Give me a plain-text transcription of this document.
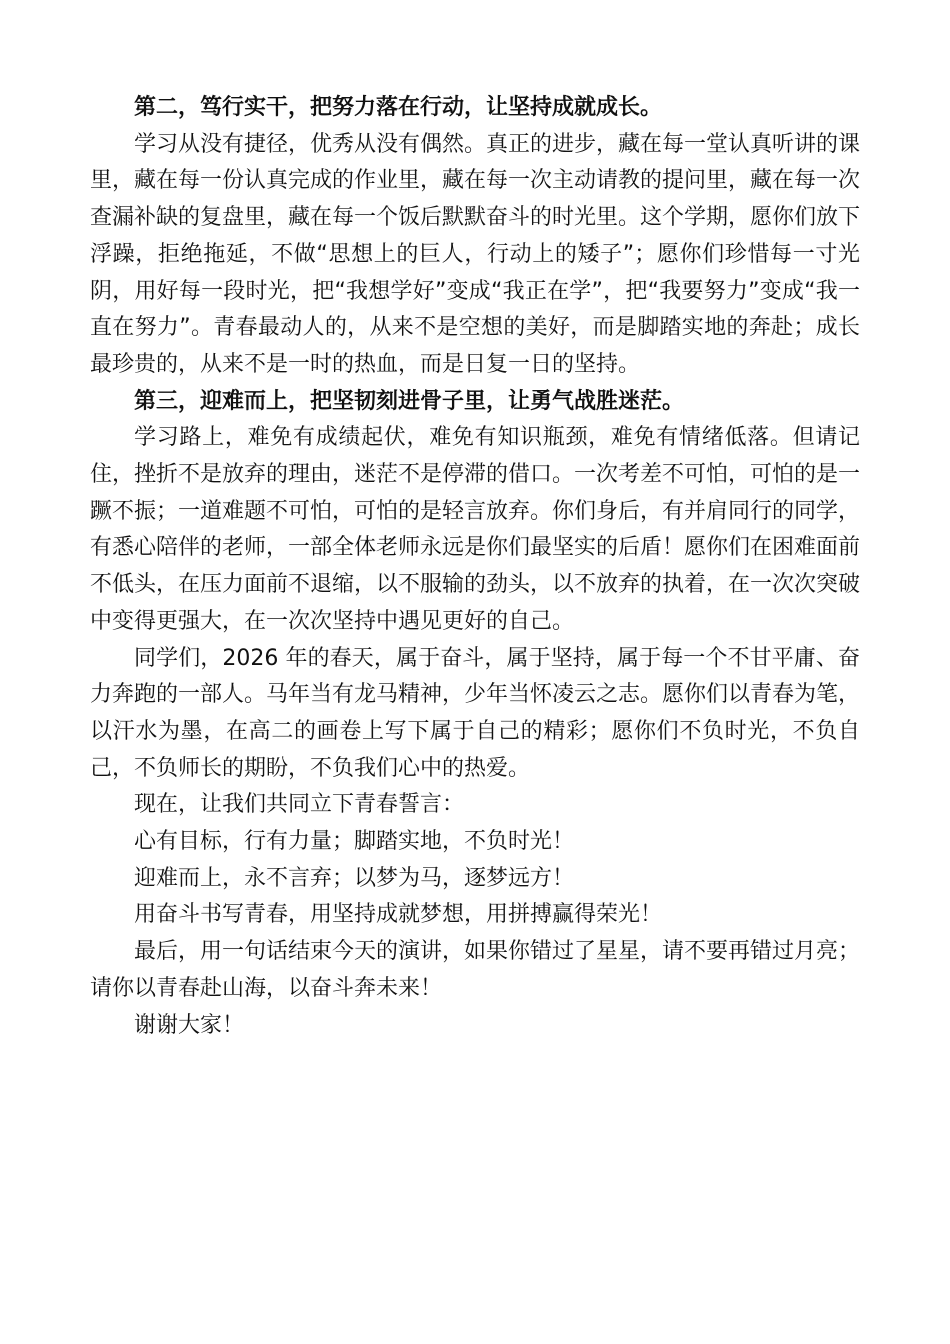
第二，笃行实干，把努力落在行动，让坚持成就成长。

学习从没有捷径，优秀从没有偶然。真正的进步，藏在每一堂认真听讲的课里，藏在每一份认真完成的作业里，藏在每一次主动请教的提问里，藏在每一次查漏补缺的复盘里，藏在每一个饭后默默奋斗的时光里。这个学期，愿你们放下浮躁，拒绝拖延，不做“思想上的巨人，行动上的矮子”；愿你们珍惜每一寸光阴，用好每一段时光，把“我想学好”变成“我正在学”，把“我要努力”变成“我一直在努力”。青春最动人的，从来不是空想的美好，而是脚踏实地的奔赴；成长最珍贵的，从来不是一时的热血，而是日复一日的坚持。

第三，迎难而上，把坚韧刻进骨子里，让勇气战胜迷茫。

学习路上，难免有成绩起伏，难免有知识瓶颈，难免有情绪低落。但请记住，挫折不是放弃的理由，迷茫不是停滞的借口。一次考差不可怕，可怕的是一蹶不振；一道难题不可怕，可怕的是轻言放弃。你们身后，有并肩同行的同学，有悉心陪伴的老师，一部全体老师永远是你们最坚实的后盾！愿你们在困难面前不低头，在压力面前不退缩，以不服输的劲头，以不放弃的执着，在一次次突破中变得更强大，在一次次坚持中遇见更好的自己。

同学们，2026 年的春天，属于奋斗，属于坚持，属于每一个不甘平庸、奋力奔跑的一部人。马年当有龙马精神，少年当怀凌云之志。愿你们以青春为笔，以汗水为墨，在高二的画卷上写下属于自己的精彩；愿你们不负时光，不负自己，不负师长的期盼，不负我们心中的热爱。

现在，让我们共同立下青春誓言：

心有目标，行有力量；脚踏实地，不负时光！

迎难而上，永不言弃；以梦为马，逐梦远方！

用奋斗书写青春，用坚持成就梦想，用拼搏赢得荣光！

最后，用一句话结束今天的演讲，如果你错过了星星，请不要再错过月亮；请你以青春赴山海，以奋斗奔未来！

谢谢大家！
